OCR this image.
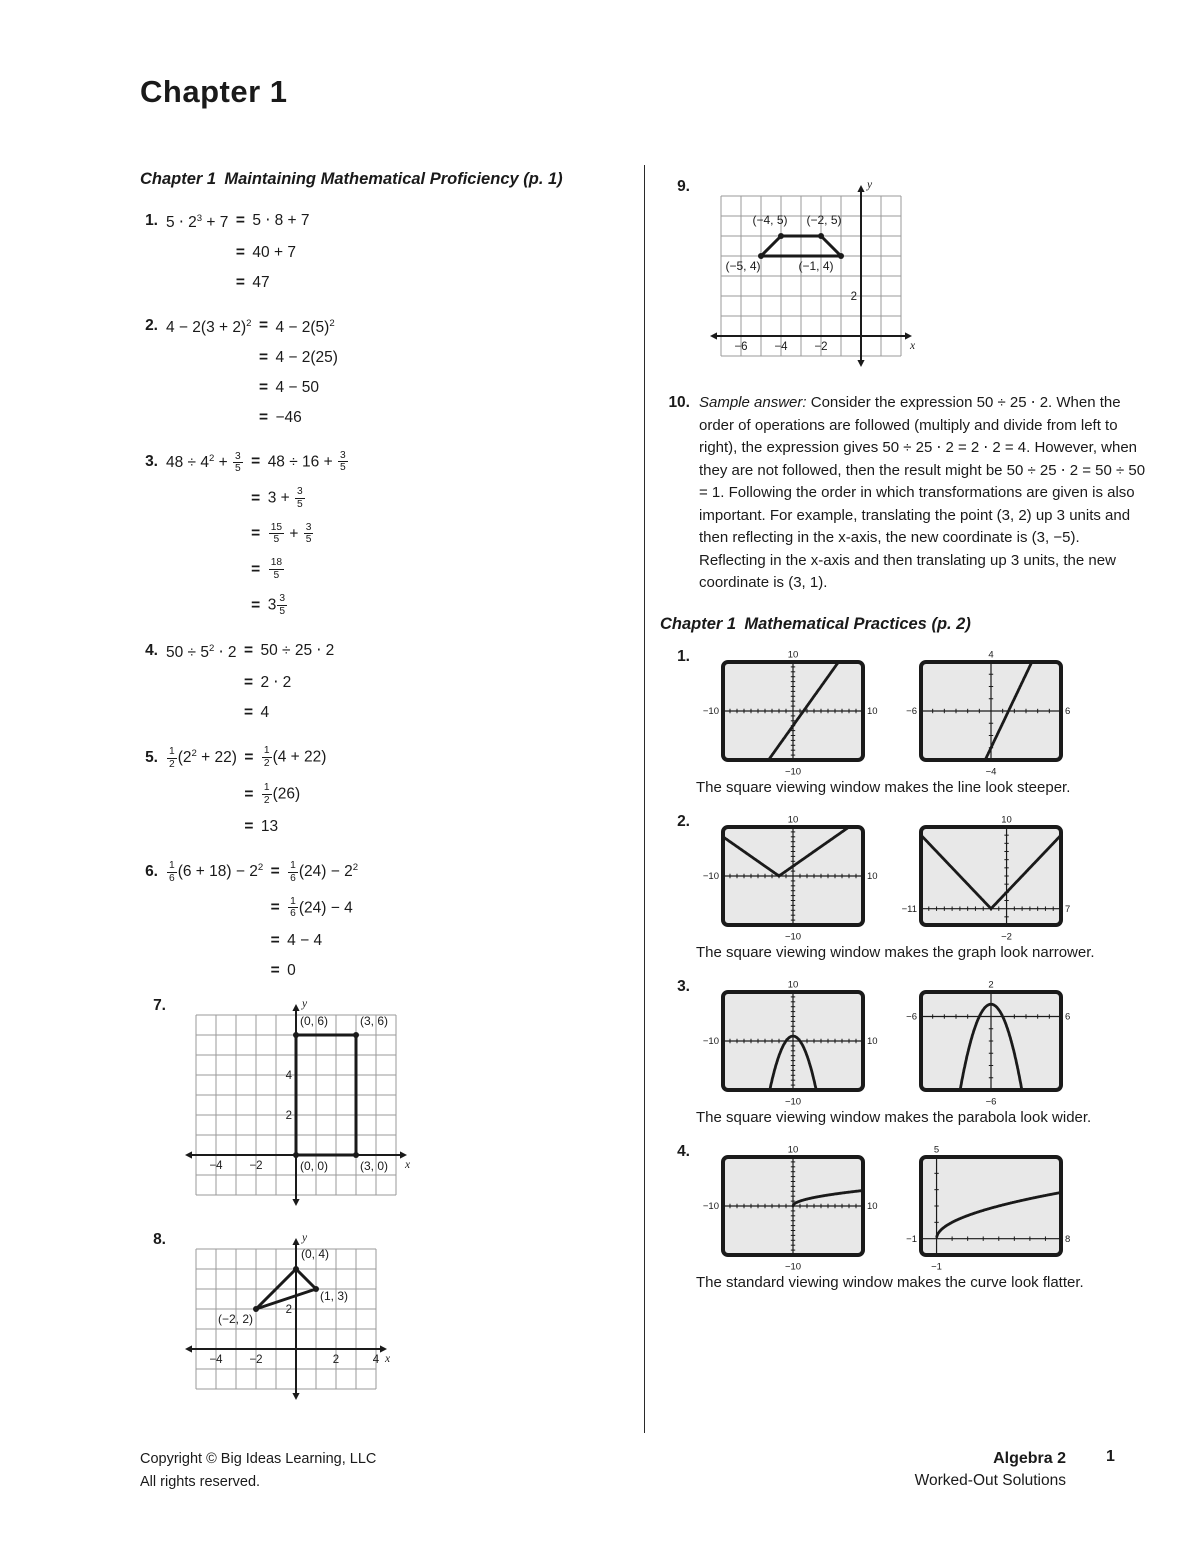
Chapter 1
Chapter 1 Maintaining Mathematical Proficiency (p. 1)
1. $5 \cdot 2^3 + 7 = 5 \cdot 8 + 7$
= 40 + 7
= 47
2. $4 - 2(3 + 2)^2 = 4 - 2(5)^2$
= 4 − 2(25)
= 4 − 50
= −46
3. $48 \div 4^2 + \frac{3}{5} = 48 \div 16 + \frac{3}{5}$
= $3 + \frac{3}{5}$
= $\frac{15}{5} + \frac{3}{5}$
= $\frac{18}{5}$
= $3 \frac{3}{5}$
4. $50 \div 5^2 \cdot 2 = 50 \div 25 \cdot 2$
= 2 ⋅ 2
= 4
5. $\frac{1}{2} (2^2 + 22) = \frac{1}{2} (4 + 22)$
= $\frac{1}{2} (26)$
= 13
6. $\frac{1}{6} (6 + 18) - 2^2 = \frac{1}{6} (24) - 2^2$
= $\frac{1}{6} (24) - 4$
= 4 − 4
= 0
7.
−4 −2
2
4
x
y
(0, 6)	(3, 6)
(0, 0)	(3, 0)
8.
−4 −2	2	4
2
x
y
(0, 4)
(1, 3)
(−2, 2)
9.
−6 −4 −2
2
x
y
(−4, 5) (−2, 5)
(−5, 4)	(−1, 4)
10. Sample answer: Consider the expression 50 ÷ 25 ⋅ 2. When the order of operations are followed (multiply and divide from left to right), the expression gives 50 ÷ 25 ⋅ 2 = 2 ⋅ 2 = 4. However, when they are not followed, then the result might be 50 ÷ 25 ⋅ 2 = 50 ÷ 50 = 1. Following the order in which transformations are given is also important. For example, translating the point (3, 2) up 3 units and then reflecting in the x-axis, the new coordinate is (3, −5). Reflecting in the x-axis and then translating up 3 units, the new coordinate is (3, 1).
Chapter 1 Mathematical Practices (p. 2)
1.	10
−10
−10	10
4
−4
−6	6
The square viewing window makes the line look steeper.
2.	10
−10
−10	10
10
−2
−11	7
The square viewing window makes the graph look narrower.
3.	10
−10
−10	10
2
−6
−6	6
The square viewing window makes the parabola look wider.
4.	10
−10
−10	10
5
−1
−1	8
The standard viewing window makes the curve look flatter.
Copyright © Big Ideas Learning, LLC
All rights reserved.
Algebra 2
Worked-Out Solutions
1
